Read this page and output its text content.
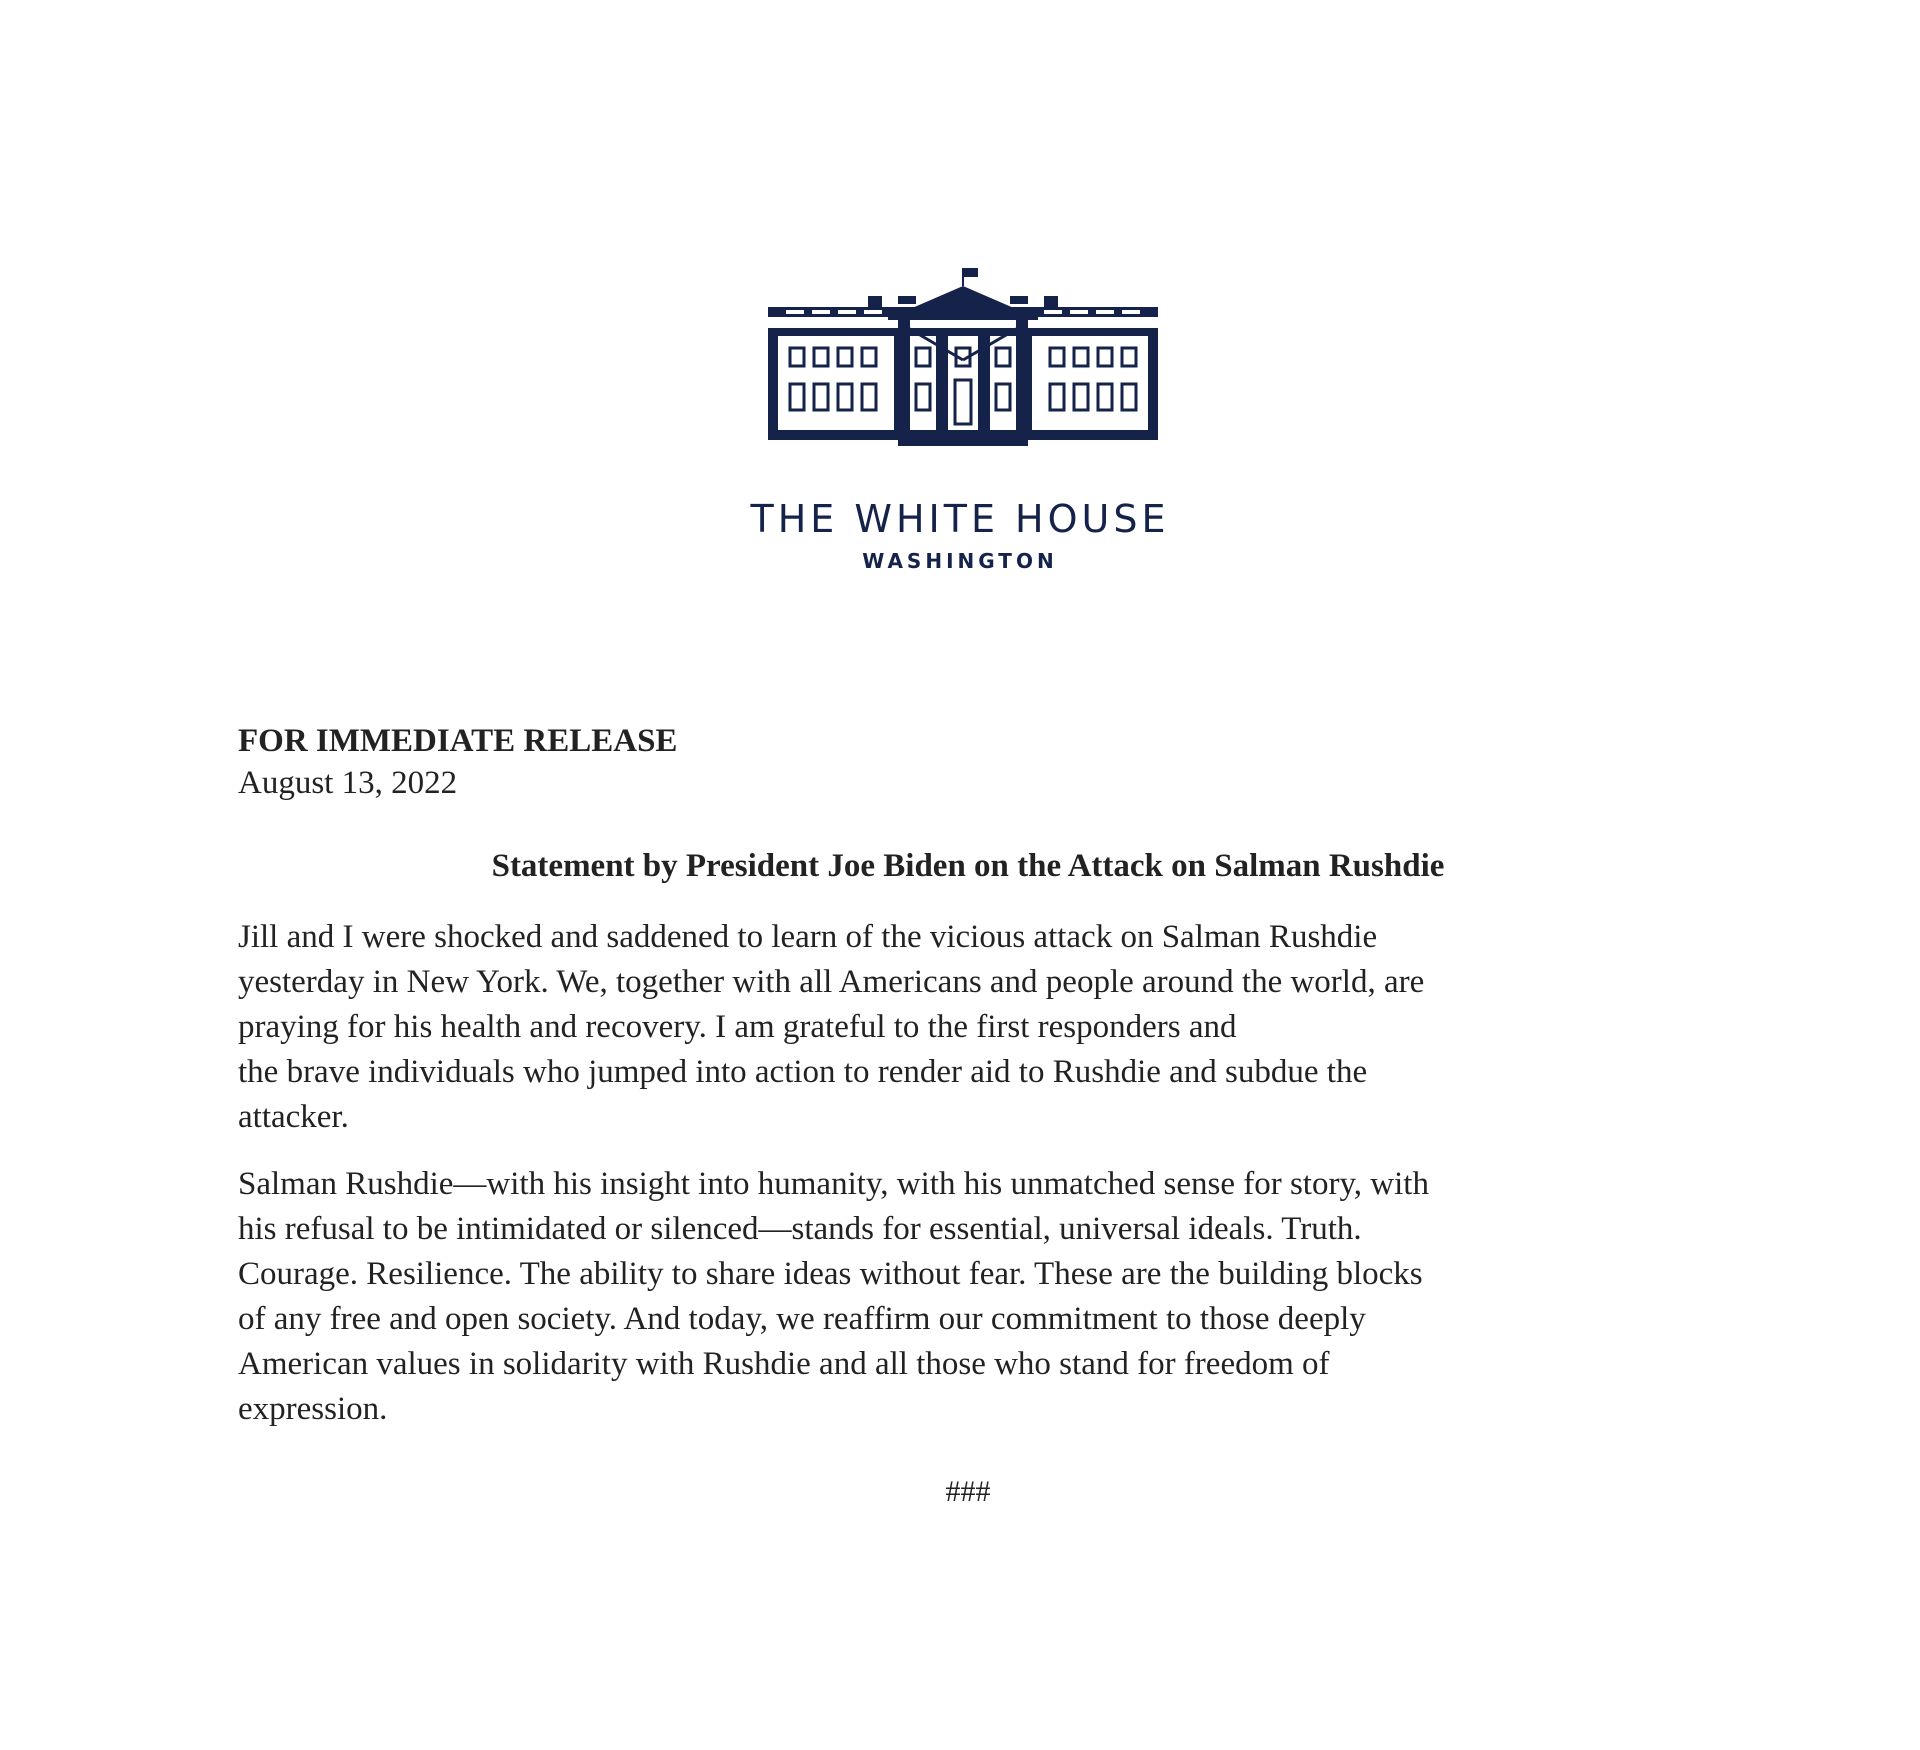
THE WHITE HOUSE
WASHINGTON

FOR IMMEDIATE RELEASE

August 13, 2022

Statement by President Joe Biden on the Attack on Salman Rushdie
Jill and I were shocked and saddened to learn of the vicious attack on Salman Rushdie
yesterday in New York. We, together with all Americans and people around the world, are
praying for his health and recovery. I am grateful to the first responders and
the brave individuals who jumped into action to render aid to Rushdie and subdue the
attacker.
Salman Rushdie—with his insight into humanity, with his unmatched sense for story, with
his refusal to be intimidated or silenced—stands for essential, universal ideals. Truth.
Courage. Resilience. The ability to share ideas without fear. These are the building blocks
of any free and open society. And today, we reaffirm our commitment to those deeply
American values in solidarity with Rushdie and all those who stand for freedom of
expression.
###
